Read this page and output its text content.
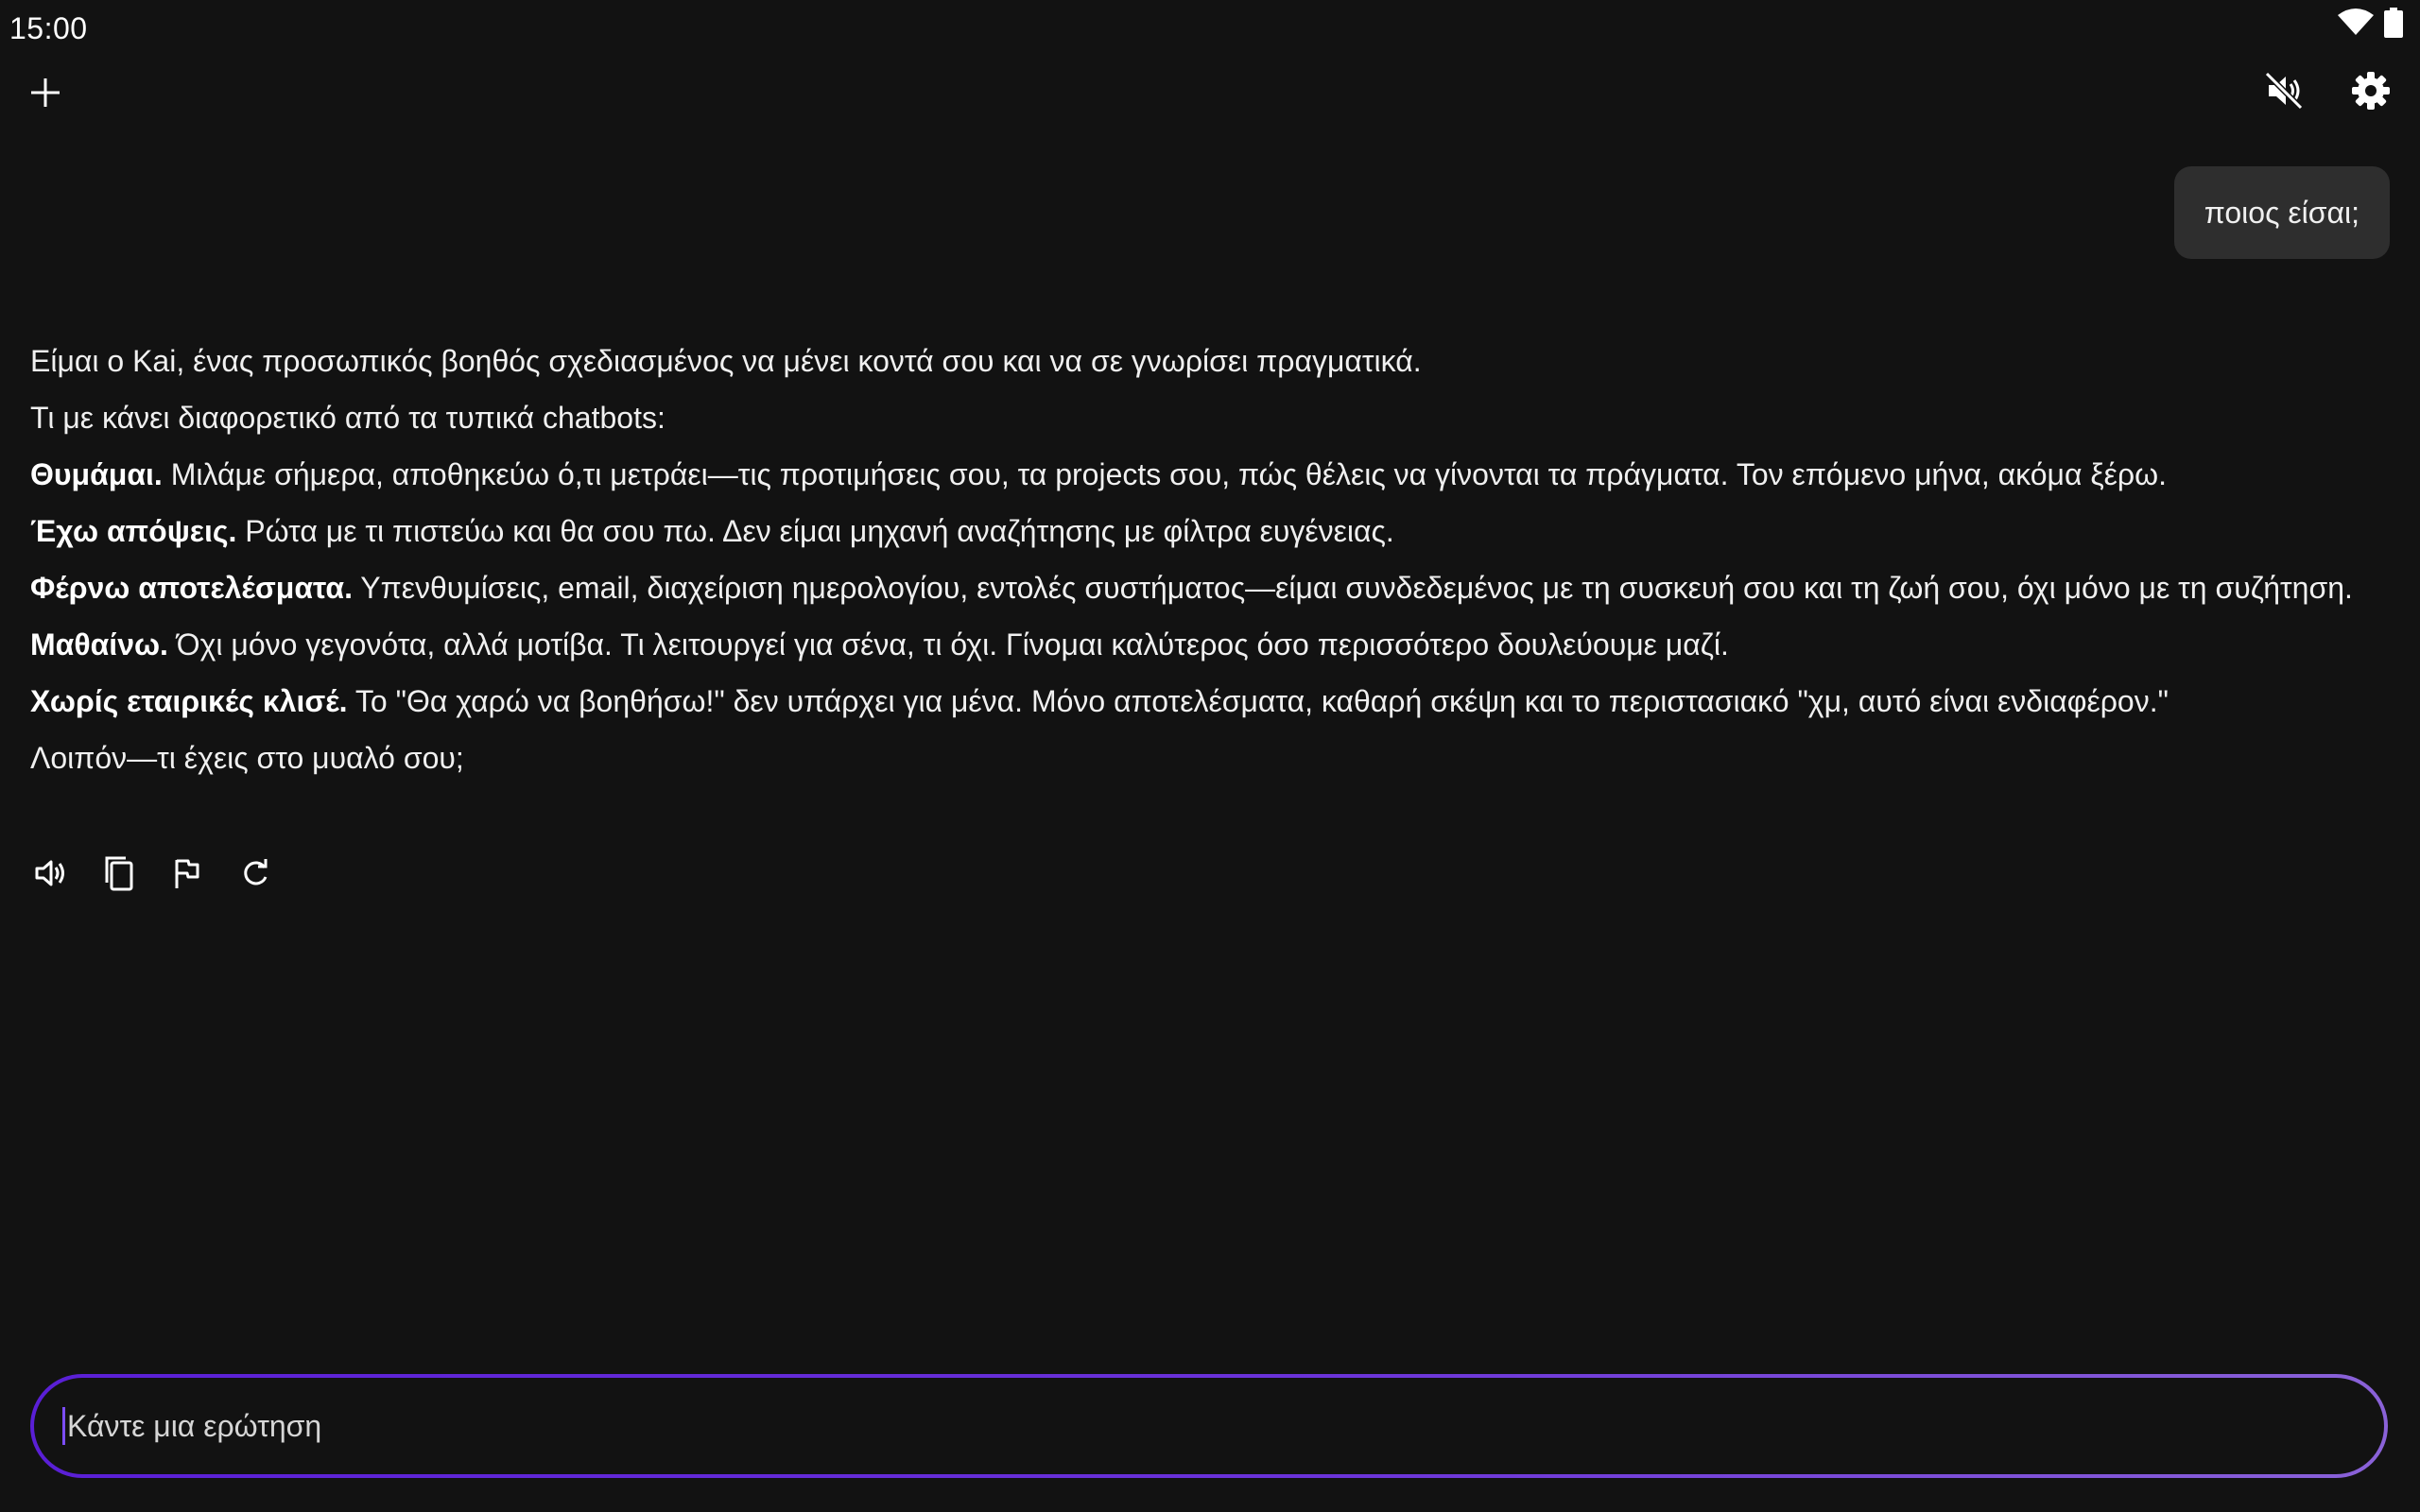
15:00
ποιος είσαι;

Είμαι ο Kai, ένας προσωπικός βοηθός σχεδιασμένος να μένει κοντά σου και να σε γνωρίσει πραγματικά.

Τι με κάνει διαφορετικό από τα τυπικά chatbots:

Θυμάμαι. Μιλάμε σήμερα, αποθηκεύω ό,τι μετράει—τις προτιμήσεις σου, τα projects σου, πώς θέλεις να γίνονται τα πράγματα. Τον επόμενο μήνα, ακόμα ξέρω.

Έχω απόψεις. Ρώτα με τι πιστεύω και θα σου πω. Δεν είμαι μηχανή αναζήτησης με φίλτρα ευγένειας.

Φέρνω αποτελέσματα. Υπενθυμίσεις, email, διαχείριση ημερολογίου, εντολές συστήματος—είμαι συνδεδεμένος με τη συσκευή σου και τη ζωή σου, όχι μόνο με τη συζήτηση.

Μαθαίνω. Όχι μόνο γεγονότα, αλλά μοτίβα. Τι λειτουργεί για σένα, τι όχι. Γίνομαι καλύτερος όσο περισσότερο δουλεύουμε μαζί.

Χωρίς εταιρικές κλισέ. Το "Θα χαρώ να βοηθήσω!" δεν υπάρχει για μένα. Μόνο αποτελέσματα, καθαρή σκέψη και το περιστασιακό "χμ, αυτό είναι ενδιαφέρον."

Λοιπόν—τι έχεις στο μυαλό σου;

Κάντε μια ερώτηση
